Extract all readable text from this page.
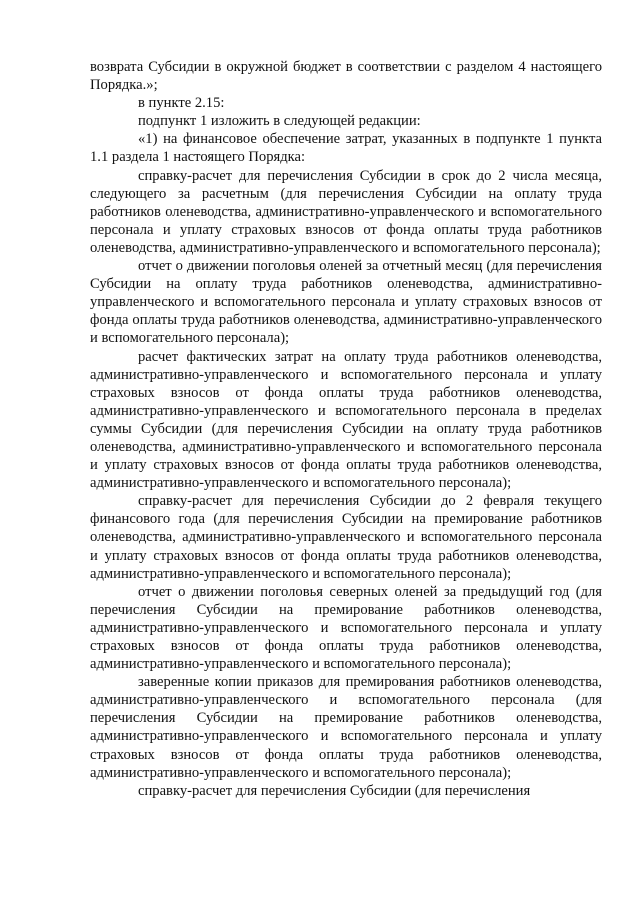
возврата Субсидии в окружной бюджет в соответствии с разделом 4 настоящего Порядка.»;

в пункте 2.15:

подпункт 1 изложить в следующей редакции:

«1) на финансовое обеспечение затрат, указанных в подпункте 1 пункта 1.1 раздела 1 настоящего Порядка:

справку-расчет для перечисления Субсидии в срок до 2 числа месяца, следующего за расчетным (для перечисления Субсидии на оплату труда работников оленеводства, административно-управленческого и вспомогательного персонала и уплату страховых взносов от фонда оплаты труда работников оленеводства, административно-управленческого и вспомогательного персонала);

отчет о движении поголовья оленей за отчетный месяц (для перечисления Субсидии на оплату труда работников оленеводства, административно-управленческого и вспомогательного персонала и уплату страховых взносов от фонда оплаты труда работников оленеводства, административно-управленческого и вспомогательного персонала);

расчет фактических затрат на оплату труда работников оленеводства, административно-управленческого и вспомогательного персонала и уплату страховых взносов от фонда оплаты труда работников оленеводства, административно-управленческого и вспомогательного персонала в пределах суммы Субсидии (для перечисления Субсидии на оплату труда работников оленеводства, административно-управленческого и вспомогательного персонала и уплату страховых взносов от фонда оплаты труда работников оленеводства, административно-управленческого и вспомогательного персонала);

справку-расчет для перечисления Субсидии до 2 февраля текущего финансового года (для перечисления Субсидии на премирование работников оленеводства, административно-управленческого и вспомогательного персонала и уплату страховых взносов от фонда оплаты труда работников оленеводства, административно-управленческого и вспомогательного персонала);

отчет о движении поголовья северных оленей за предыдущий год (для перечисления Субсидии на премирование работников оленеводства, административно-управленческого и вспомогательного персонала и уплату страховых взносов от фонда оплаты труда работников оленеводства, административно-управленческого и вспомогательного персонала);

заверенные копии приказов для премирования работников оленеводства, административно-управленческого и вспомогательного персонала (для перечисления Субсидии на премирование работников оленеводства, административно-управленческого и вспомогательного персонала и уплату страховых взносов от фонда оплаты труда работников оленеводства, административно-управленческого и вспомогательного персонала);

справку-расчет для перечисления Субсидии (для перечисления
